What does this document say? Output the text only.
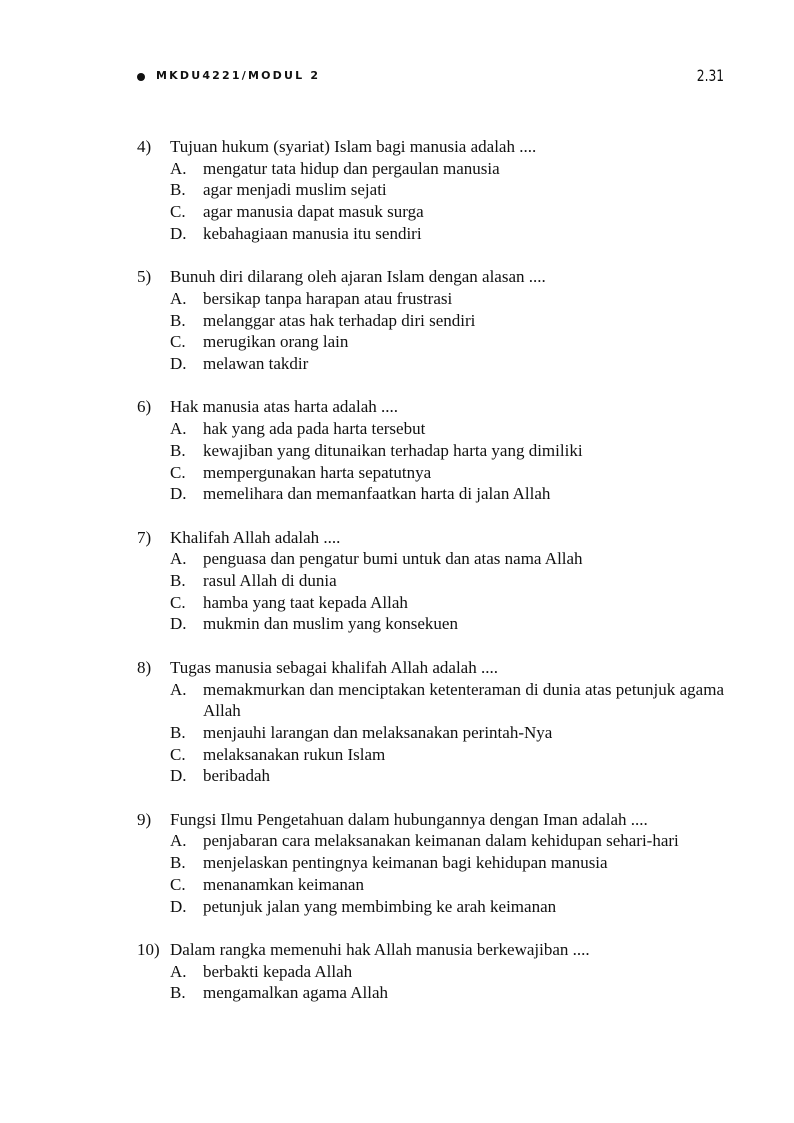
MKDU4221/MODUL 2	2.31
4)	Tujuan hukum (syariat) Islam bagi manusia adalah ....
A. mengatur tata hidup dan pergaulan manusia
B.	agar menjadi muslim sejati
C.	agar manusia dapat masuk surga
D. kebahagiaan manusia itu sendiri
5)	Bunuh diri dilarang oleh ajaran Islam dengan alasan ....
A. bersikap tanpa harapan atau frustrasi
B.	melanggar atas hak terhadap diri sendiri
C.	merugikan orang lain
D. melawan takdir
6)	Hak manusia atas harta adalah ....
A. hak yang ada pada harta tersebut
B.	kewajiban yang ditunaikan terhadap harta yang dimiliki
C.	mempergunakan harta sepatutnya
D. memelihara dan memanfaatkan harta di jalan Allah
7)	Khalifah Allah adalah ....
A. penguasa dan pengatur bumi untuk dan atas nama Allah
B.	rasul Allah di dunia
C.	hamba yang taat kepada Allah
D. mukmin dan muslim yang konsekuen
8)	Tugas manusia sebagai khalifah Allah adalah ....
A. memakmurkan dan menciptakan ketenteraman di dunia atas petunjuk agama Allah
B.	menjauhi larangan dan melaksanakan perintah-Nya
C.	melaksanakan rukun Islam
D. beribadah
9)	Fungsi Ilmu Pengetahuan dalam hubungannya dengan Iman adalah ....
A. penjabaran cara melaksanakan keimanan dalam kehidupan sehari-hari
B.	menjelaskan pentingnya keimanan bagi kehidupan manusia
C.	menanamkan keimanan
D. petunjuk jalan yang membimbing ke arah keimanan
10) Dalam rangka memenuhi hak Allah manusia berkewajiban ....
A. berbakti kepada Allah
B.	mengamalkan agama Allah
